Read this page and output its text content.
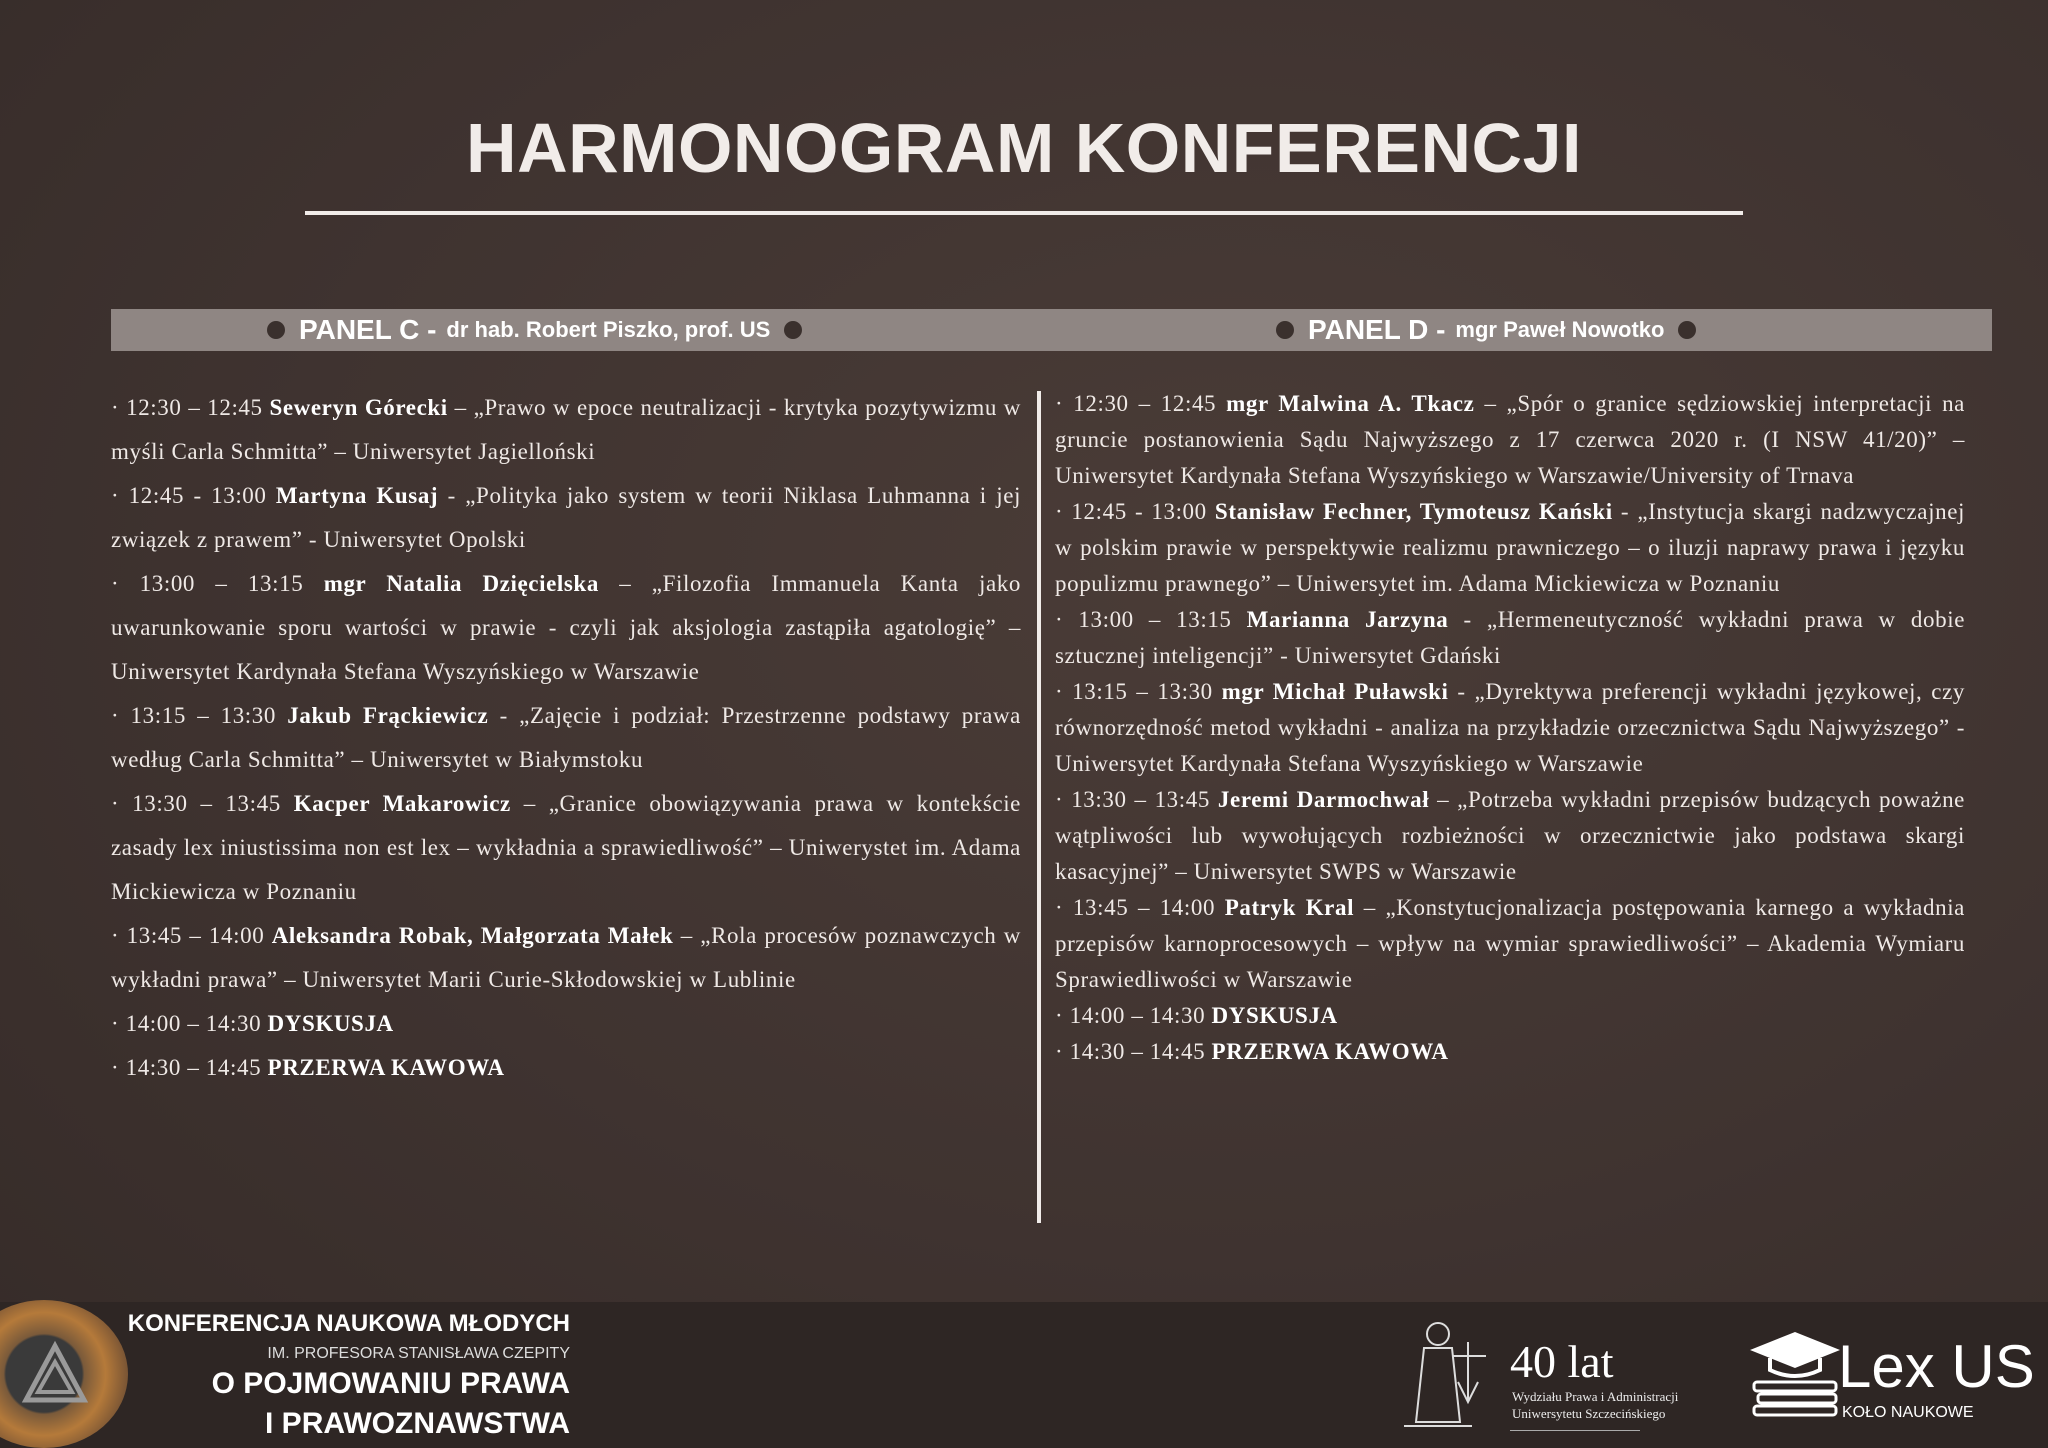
HARMONOGRAM KONFERENCJI
PANEL C - dr hab. Robert Piszko, prof. US	PANEL D - mgr Paweł Nowotko

· 12:30 – 12:45 Seweryn Górecki – „Prawo w epoce neutralizacji - krytyka pozytywizmu w myśli Carla Schmitta” – Uniwersytet Jagielloński

· 12:45 - 13:00 Martyna Kusaj - „Polityka jako system w teorii Niklasa Luhmanna i jej związek z prawem” - Uniwersytet Opolski

· 13:00 – 13:15 mgr Natalia Dzięcielska – „Filozofia Immanuela Kanta jako uwarunkowanie sporu wartości w prawie - czyli jak aksjologia zastąpiła agatologię” – Uniwersytet Kardynała Stefana Wyszyńskiego w Warszawie

· 13:15 – 13:30 Jakub Frąckiewicz - „Zajęcie i podział: Przestrzenne podstawy prawa według Carla Schmitta” – Uniwersytet w Białymstoku

· 13:30 – 13:45 Kacper Makarowicz – „Granice obowiązywania prawa w kontekście zasady lex iniustissima non est lex – wykładnia a sprawiedliwość” – Uniwerystet im. Adama Mickiewicza w Poznaniu

· 13:45 – 14:00 Aleksandra Robak, Małgorzata Małek – „Rola procesów poznawczych w wykładni prawa” – Uniwersytet Marii Curie-Skłodowskiej w Lublinie

· 14:00 – 14:30 DYSKUSJA

· 14:30 – 14:45 PRZERWA KAWOWA

· 12:30 – 12:45 mgr Malwina A. Tkacz – „Spór o granice sędziowskiej interpretacji na gruncie postanowienia Sądu Najwyższego z 17 czerwca 2020 r. (I NSW 41/20)” – Uniwersytet Kardynała Stefana Wyszyńskiego w Warszawie/University of Trnava

· 12:45 - 13:00 Stanisław Fechner, Tymoteusz Kański - „Instytucja skargi nadzwyczajnej w polskim prawie w perspektywie realizmu prawniczego – o iluzji naprawy prawa i języku populizmu prawnego” – Uniwersytet im. Adama Mickiewicza w Poznaniu

· 13:00 – 13:15 Marianna Jarzyna - „Hermeneutyczność wykładni prawa w dobie sztucznej inteligencji” - Uniwersytet Gdański

· 13:15 – 13:30 mgr Michał Puławski - „Dyrektywa preferencji wykładni językowej, czy równorzędność metod wykładni - analiza na przykładzie orzecznictwa Sądu Najwyższego” - Uniwersytet Kardynała Stefana Wyszyńskiego w Warszawie

· 13:30 – 13:45 Jeremi Darmochwał – „Potrzeba wykładni przepisów budzących poważne wątpliwości lub wywołujących rozbieżności w orzecznictwie jako podstawa skargi kasacyjnej” – Uniwersytet SWPS w Warszawie

· 13:45 – 14:00 Patryk Kral – „Konstytucjonalizacja postępowania karnego a wykładnia przepisów karnoprocesowych – wpływ na wymiar sprawiedliwości” – Akademia Wymiaru Sprawiedliwości w Warszawie

· 14:00 – 14:30 DYSKUSJA

· 14:30 – 14:45 PRZERWA KAWOWA

KONFERENCJA NAUKOWA MŁODYCH
IM. PROFESORA STANISŁAWA CZEPITY
O POJMOWANIU PRAWA
I PRAWOZNAWSTWA
40 lat
Wydziału Prawa i Administracji
Uniwersytetu Szczecińskiego
Lex US
KOŁO NAUKOWE
